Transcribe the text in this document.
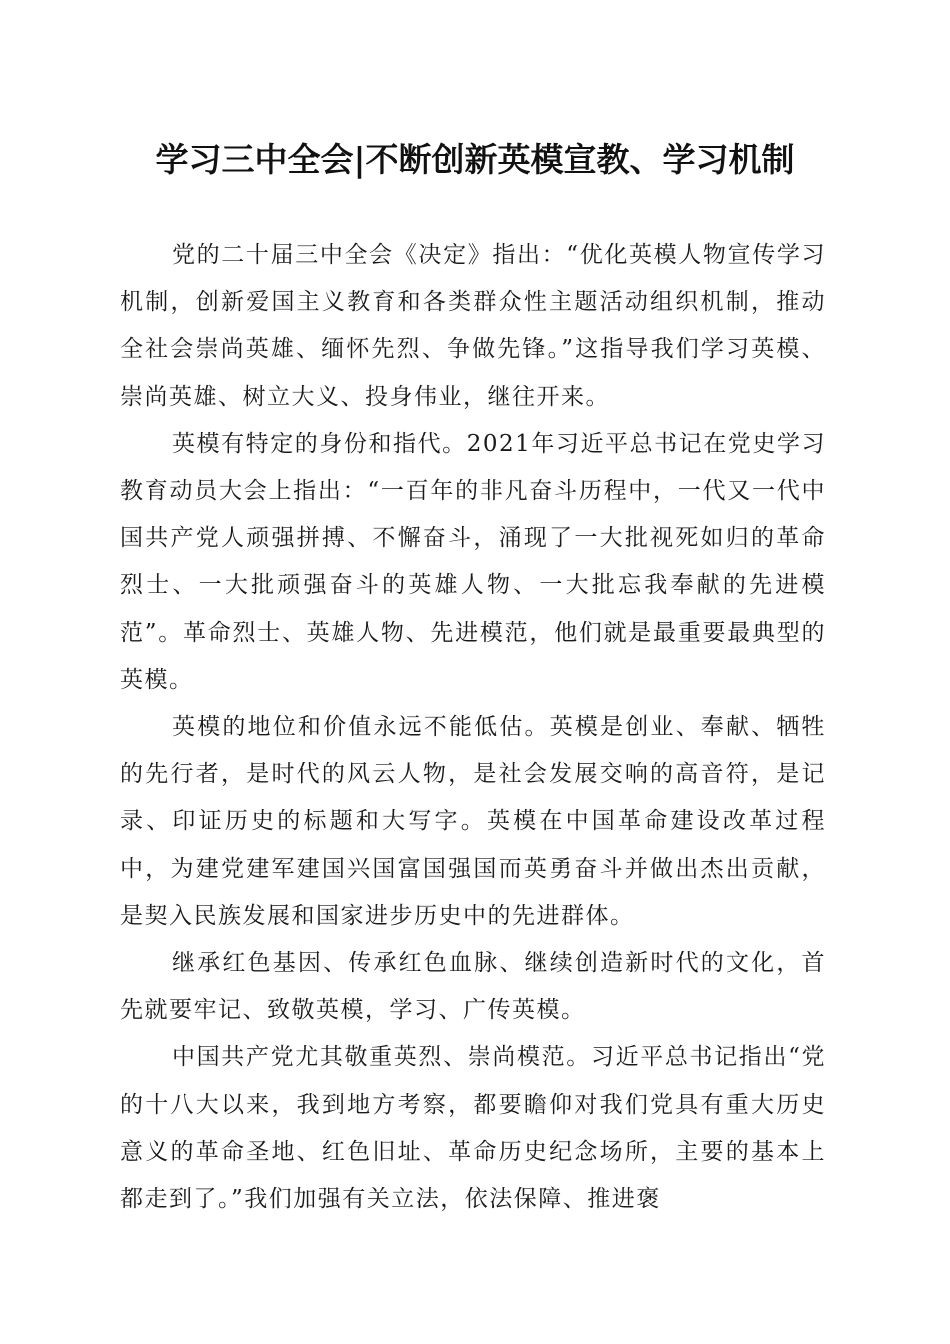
学习三中全会|不断创新英模宣教、学习机制

党的二十届三中全会《决定》指出：“优化英模人物宣传学习机制，创新爱国主义教育和各类群众性主题活动组织机制，推动全社会崇尚英雄、缅怀先烈、争做先锋。”这指导我们学习英模、崇尚英雄、树立大义、投身伟业，继往开来。

英模有特定的身份和指代。2021年习近平总书记在党史学习教育动员大会上指出：“一百年的非凡奋斗历程中，一代又一代中国共产党人顽强拼搏、不懈奋斗，涌现了一大批视死如归的革命烈士、一大批顽强奋斗的英雄人物、一大批忘我奉献的先进模范”。革命烈士、英雄人物、先进模范，他们就是最重要最典型的英模。

英模的地位和价值永远不能低估。英模是创业、奉献、牺牲的先行者，是时代的风云人物，是社会发展交响的高音符，是记录、印证历史的标题和大写字。英模在中国革命建设改革过程中，为建党建军建国兴国富国强国而英勇奋斗并做出杰出贡献，是契入民族发展和国家进步历史中的先进群体。

继承红色基因、传承红色血脉、继续创造新时代的文化，首先就要牢记、致敬英模，学习、广传英模。

中国共产党尤其敬重英烈、崇尚模范。习近平总书记指出“党的十八大以来，我到地方考察，都要瞻仰对我们党具有重大历史意义的革命圣地、红色旧址、革命历史纪念场所，主要的基本上都走到了。”我们加强有关立法，依法保障、推进褒
